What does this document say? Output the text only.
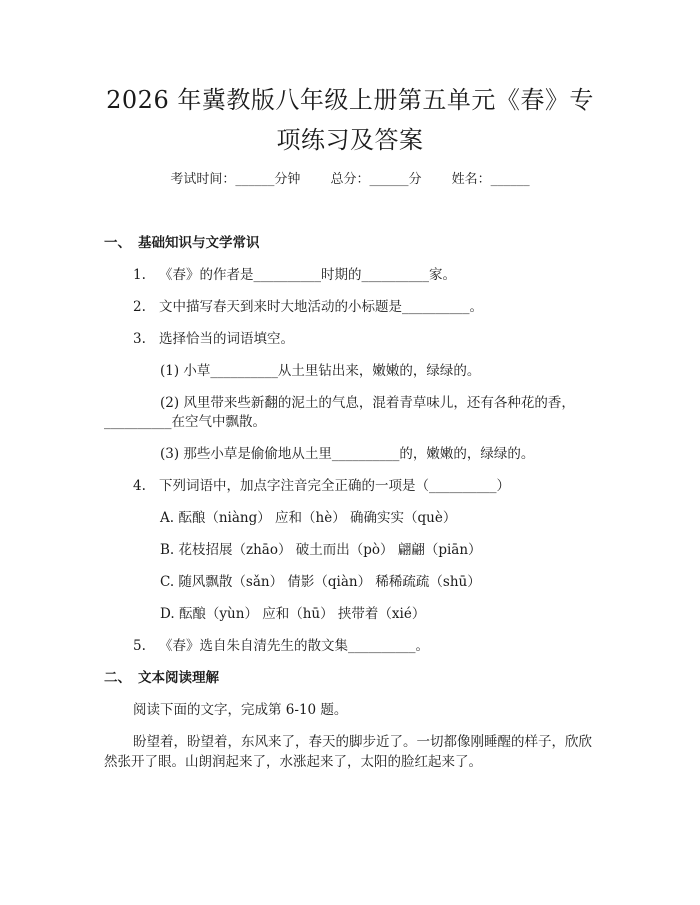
2026 年冀教版八年级上册第五单元《春》专
项练习及答案
考试时间：______分钟 总分：______分 姓名：______
一、 基础知识与文学常识
1. 《春》的作者是__________时期的__________家。
2. 文中描写春天到来时大地活动的小标题是__________。
3. 选择恰当的词语填空。
(1) 小草__________从土里钻出来，嫩嫩的，绿绿的。
(2) 风里带来些新翻的泥土的气息，混着青草味儿，还有各种花的香，
__________在空气中飘散。
(3) 那些小草是偷偷地从土里__________的，嫩嫩的，绿绿的。
4. 下列词语中，加点字注音完全正确的一项是（__________）
A. 酝酿（niàng） 应和（hè） 确确实实（què）
B. 花枝招展（zhāo） 破土而出（pò） 翩翩（piān）
C. 随风飘散（sǎn） 倩影（qiàn） 稀稀疏疏（shū）
D. 酝酿（yùn） 应和（hū） 挟带着（xié）
5. 《春》选自朱自清先生的散文集__________。
二、 文本阅读理解
阅读下面的文字，完成第 6-10 题。
盼望着，盼望着，东风来了，春天的脚步近了。一切都像刚睡醒的样子，欣欣
然张开了眼。山朗润起来了，水涨起来了，太阳的脸红起来了。
